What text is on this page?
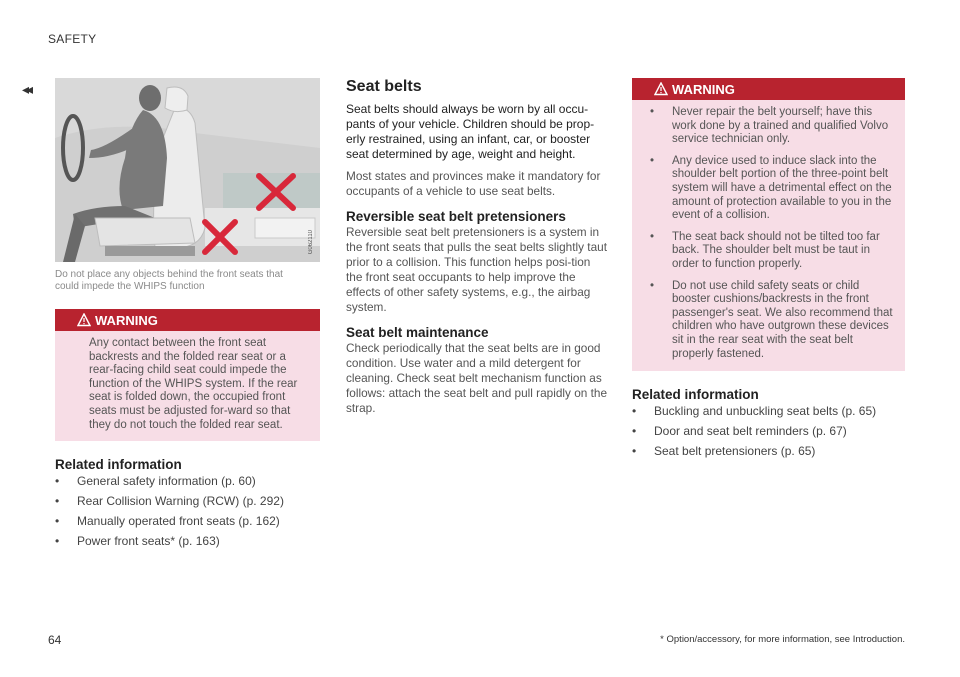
SAFETY
◂◂
G062110
Do not place any objects behind the front seats that could impede the WHIPS function
WARNING
Any contact between the front seat backrests and the folded rear seat or a rear-facing child seat could impede the function of the WHIPS system. If the rear seat is folded down, the occupied front seats must be adjusted for-ward so that they do not touch the folded rear seat.
Related information
• General safety information (p. 60)
• Rear Collision Warning (RCW) (p. 292)
• Manually operated front seats (p. 162)
• Power front seats* (p. 163)
Seat belts
Seat belts should always be worn by all occu-pants of your vehicle. Children should be prop-erly restrained, using an infant, car, or booster seat determined by age, weight and height.
Most states and provinces make it mandatory for occupants of a vehicle to use seat belts.
Reversible seat belt pretensioners
Reversible seat belt pretensioners is a system in the front seats that pulls the seat belts slightly taut prior to a collision. This function helps posi-tion the front seat occupants to help improve the effects of other safety systems, e.g., the airbag system.
Seat belt maintenance
Check periodically that the seat belts are in good condition. Use water and a mild detergent for cleaning. Check seat belt mechanism function as follows: attach the seat belt and pull rapidly on the strap.
WARNING
• Never repair the belt yourself; have this work done by a trained and qualified Volvo service technician only.
• Any device used to induce slack into the shoulder belt portion of the three-point belt system will have a detrimental effect on the amount of protection available to you in the event of a collision.
• The seat back should not be tilted too far back. The shoulder belt must be taut in order to function properly.
• Do not use child safety seats or child booster cushions/backrests in the front passenger's seat. We also recommend that children who have outgrown these devices sit in the rear seat with the seat belt properly fastened.
Related information
• Buckling and unbuckling seat belts (p. 65)
• Door and seat belt reminders (p. 67)
• Seat belt pretensioners (p. 65)
64	* Option/accessory, for more information, see Introduction.
